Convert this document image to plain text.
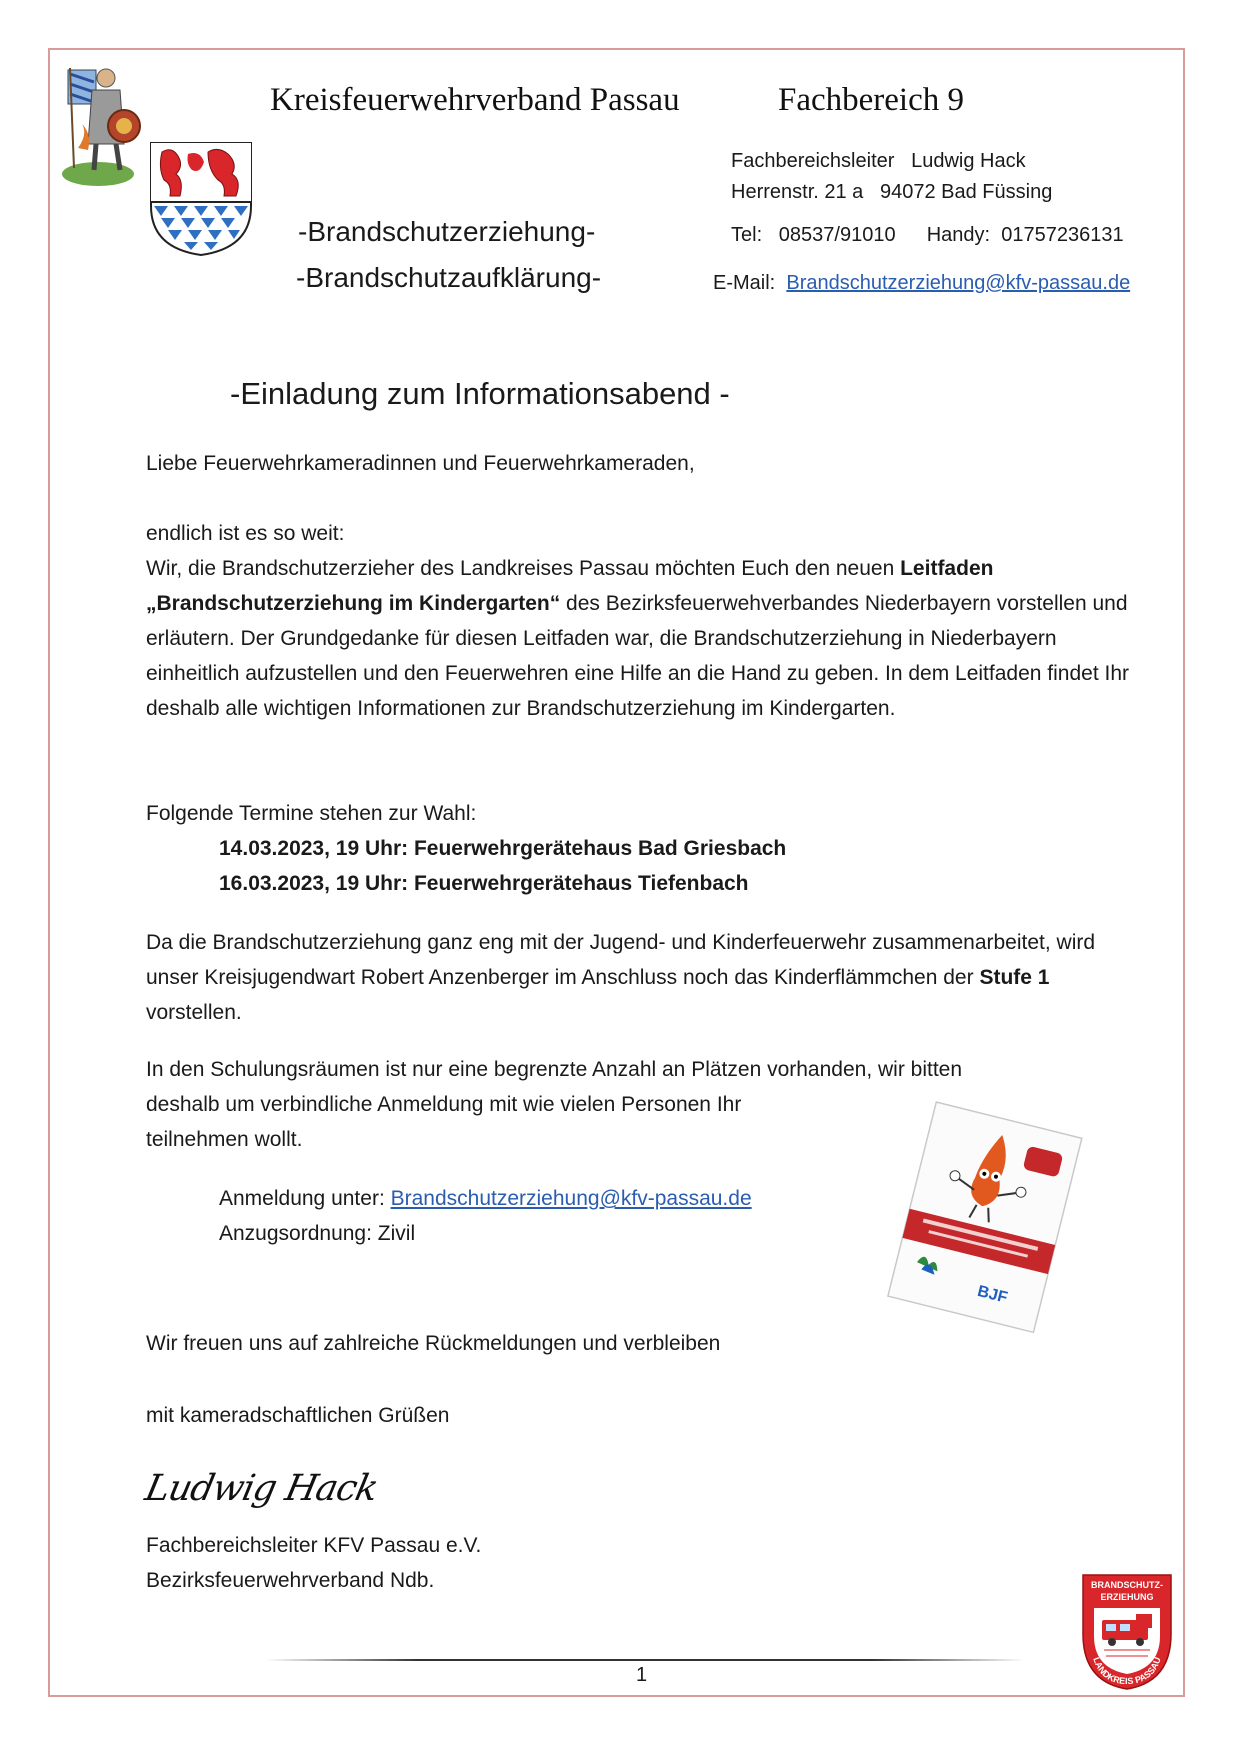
Kreisfeuerwehrverband Passau	Fachbereich 9
-Brandschutzerziehung-
-Brandschutzaufklärung-
Fachbereichsleiter Ludwig Hack
Herrenstr. 21 a 94072 Bad Füssing
Tel: 08537/91010 Handy: 01757236131
E-Mail: Brandschutzerziehung@kfv-passau.de
-Einladung zum Informationsabend -
Liebe Feuerwehrkameradinnen und Feuerwehrkameraden,
endlich ist es so weit:
Wir, die Brandschutzerzieher des Landkreises Passau möchten Euch den neuen Leitfaden
„Brandschutzerziehung im Kindergarten“ des Bezirksfeuerwehverbandes Niederbayern vorstellen und erläutern. Der Grundgedanke für diesen Leitfaden war, die Brandschutzerziehung in Niederbayern einheitlich aufzustellen und den Feuerwehren eine Hilfe an die Hand zu geben. In dem Leitfaden findet Ihr deshalb alle wichtigen Informationen zur Brandschutzerziehung im Kindergarten.
Folgende Termine stehen zur Wahl:
14.03.2023, 19 Uhr: Feuerwehrgerätehaus Bad Griesbach
16.03.2023, 19 Uhr: Feuerwehrgerätehaus Tiefenbach
Da die Brandschutzerziehung ganz eng mit der Jugend- und Kinderfeuerwehr zusammenarbeitet, wird unser Kreisjugendwart Robert Anzenberger im Anschluss noch das Kinderflämmchen der Stufe 1 vorstellen.
In den Schulungsräumen ist nur eine begrenzte Anzahl an Plätzen vorhanden, wir bitten
deshalb um verbindliche Anmeldung mit wie vielen Personen Ihr
teilnehmen wollt.
Anmeldung unter: Brandschutzerziehung@kfv-passau.de
Anzugsordnung: Zivil
BJF
Wir freuen uns auf zahlreiche Rückmeldungen und verbleiben
mit kameradschaftlichen Grüßen
Ludwig Hack
Fachbereichsleiter KFV Passau e.V.
Bezirksfeuerwehrverband Ndb.	BRANDSCHUTZ-
ERZIEHUNG
LANDKREIS PASSAU
1
